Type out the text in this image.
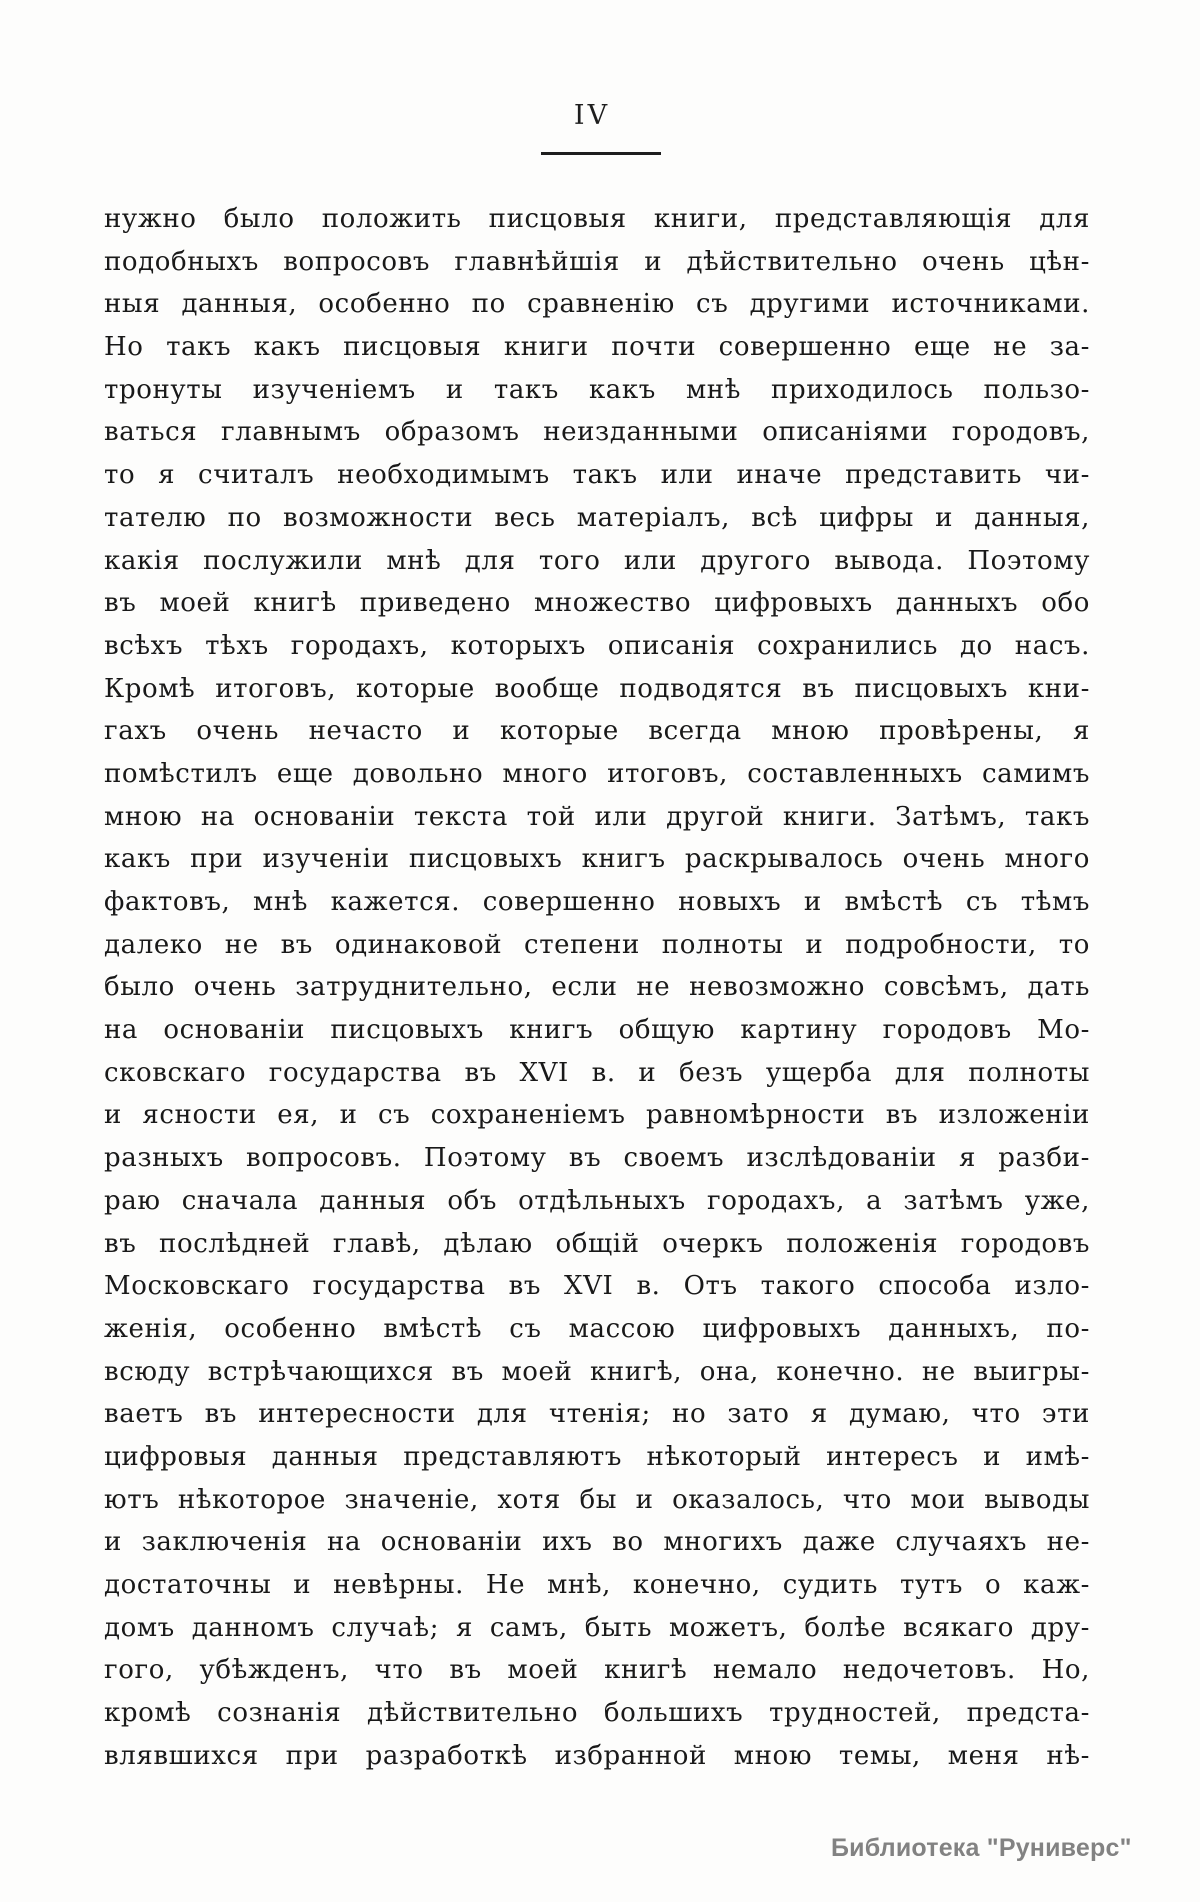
IV
нужно было положить писцовыя книги, представляющія для
подобныхъ вопросовъ главнѣйшія и дѣйствительно очень цѣн-
ныя данныя, особенно по сравненію съ другими источниками.
Но такъ какъ писцовыя книги почти совершенно еще не за-
тронуты изученіемъ и такъ какъ мнѣ приходилось пользо-
ваться главнымъ образомъ неизданными описаніями городовъ,
то я считалъ необходимымъ такъ или иначе представить чи-
тателю по возможности весь матеріалъ, всѣ цифры и данныя,
какія послужили мнѣ для того или другого вывода. Поэтому
въ моей книгѣ приведено множество цифровыхъ данныхъ обо
всѣхъ тѣхъ городахъ, которыхъ описанія сохранились до насъ.
Кромѣ итоговъ, которые вообще подводятся въ писцовыхъ кни-
гахъ очень нечасто и которые всегда мною провѣрены, я
помѣстилъ еще довольно много итоговъ, составленныхъ самимъ
мною на основаніи текста той или другой книги. Затѣмъ, такъ
какъ при изученіи писцовыхъ книгъ раскрывалось очень много
фактовъ, мнѣ кажется. совершенно новыхъ и вмѣстѣ съ тѣмъ
далеко не въ одинаковой степени полноты и подробности, то
было очень затруднительно, если не невозможно совсѣмъ, дать
на основаніи писцовыхъ книгъ общую картину городовъ Мо-
сковскаго государства въ XVI в. и безъ ущерба для полноты
и ясности ея, и съ сохраненіемъ равномѣрности въ изложеніи
разныхъ вопросовъ. Поэтому въ своемъ изслѣдованіи я разби-
раю сначала данныя объ отдѣльныхъ городахъ, а затѣмъ уже,
въ послѣдней главѣ, дѣлаю общій очеркъ положенія городовъ
Московскаго государства въ XVI в. Отъ такого способа изло-
женія, особенно вмѣстѣ съ массою цифровыхъ данныхъ, по-
всюду встрѣчающихся въ моей книгѣ, она, конечно. не выигры-
ваетъ въ интересности для чтенія; но зато я думаю, что эти
цифровыя данныя представляютъ нѣкоторый интересъ и имѣ-
ютъ нѣкоторое значеніе, хотя бы и оказалось, что мои выводы
и заключенія на основаніи ихъ во многихъ даже случаяхъ не-
достаточны и невѣрны. Не мнѣ, конечно, судить тутъ о каж-
домъ данномъ случаѣ; я самъ, быть можетъ, болѣе всякаго дру-
гого, убѣжденъ, что въ моей книгѣ немало недочетовъ. Но,
кромѣ сознанія дѣйствительно большихъ трудностей, предста-
влявшихся при разработкѣ избранной мною темы, меня нѣ-
Библиотека "Руниверс"
